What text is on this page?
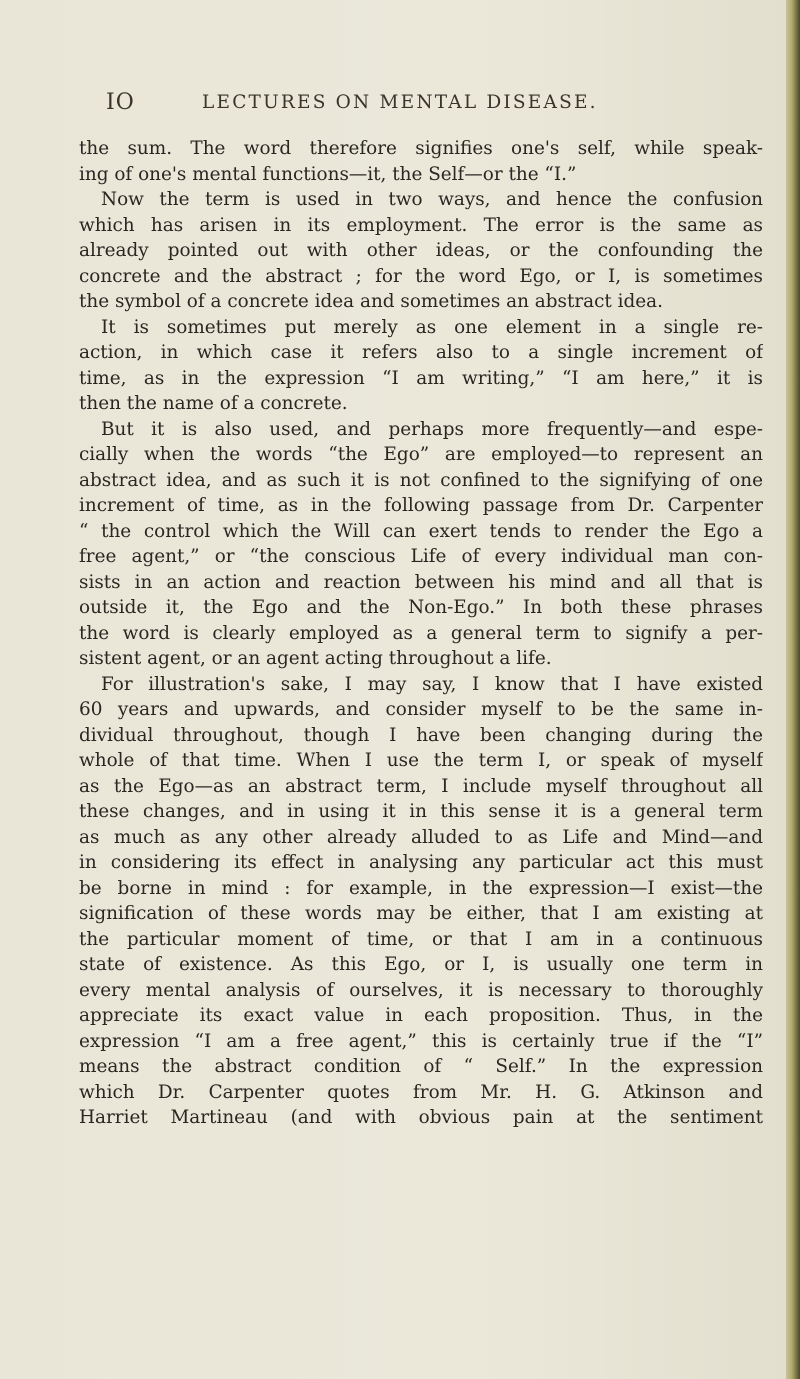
IO	LECTURES ON MENTAL DISEASE.
the sum. The word therefore signifies one's self, while speak-
ing of one's mental functions—it, the Self—or the “I.”
Now the term is used in two ways, and hence the confusion
which has arisen in its employment. The error is the same as
already pointed out with other ideas, or the confounding the
concrete and the abstract ; for the word Ego, or I, is sometimes
the symbol of a concrete idea and sometimes an abstract idea.
It is sometimes put merely as one element in a single re-
action, in which case it refers also to a single increment of
time, as in the expression “I am writing,” “I am here,” it is
then the name of a concrete.
But it is also used, and perhaps more frequently—and espe-
cially when the words “the Ego” are employed—to represent an
abstract idea, and as such it is not confined to the signifying of one
increment of time, as in the following passage from Dr. Carpenter
“ the control which the Will can exert tends to render the Ego a
free agent,” or “the conscious Life of every individual man con-
sists in an action and reaction between his mind and all that is
outside it, the Ego and the Non-Ego.” In both these phrases
the word is clearly employed as a general term to signify a per-
sistent agent, or an agent acting throughout a life.
For illustration's sake, I may say, I know that I have existed
60 years and upwards, and consider myself to be the same in-
dividual throughout, though I have been changing during the
whole of that time. When I use the term I, or speak of myself
as the Ego—as an abstract term, I include myself throughout all
these changes, and in using it in this sense it is a general term
as much as any other already alluded to as Life and Mind—and
in considering its effect in analysing any particular act this must
be borne in mind : for example, in the expression—I exist—the
signification of these words may be either, that I am existing at
the particular moment of time, or that I am in a continuous
state of existence. As this Ego, or I, is usually one term in
every mental analysis of ourselves, it is necessary to thoroughly
appreciate its exact value in each proposition. Thus, in the
expression “I am a free agent,” this is certainly true if the “I”
means the abstract condition of “ Self.” In the expression
which Dr. Carpenter quotes from Mr. H. G. Atkinson and
Harriet Martineau (and with obvious pain at the sentiment
